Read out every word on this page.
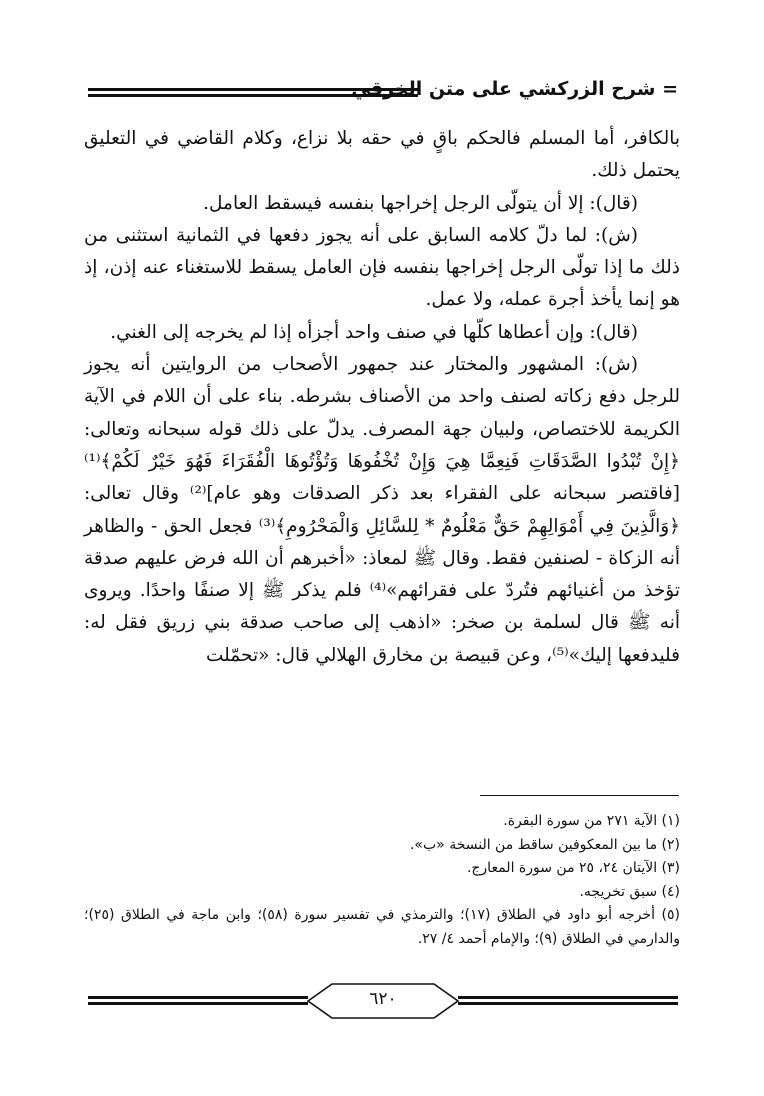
= شرح الزركشي على متن الخرقي

بالكافر، أما المسلم فالحكم باقٍ في حقه بلا نزاع، وكلام القاضي في التعليق يحتمل ذلك.

(قال): إلا أن يتولّى الرجل إخراجها بنفسه فيسقط العامل.

(ش): لما دلّ كلامه السابق على أنه يجوز دفعها في الثمانية استثنى من ذلك ما إذا تولّى الرجل إخراجها بنفسه فإن العامل يسقط للاستغناء عنه إذن، إذ هو إنما يأخذ أجرة عمله، ولا عمل.

(قال): وإن أعطاها كلّها في صنف واحد أجزأه إذا لم يخرجه إلى الغني.

(ش): المشهور والمختار عند جمهور الأصحاب من الروايتين أنه يجوز للرجل دفع زكاته لصنف واحد من الأصناف بشرطه. بناء على أن اللام في الآية الكريمة للاختصاص، ولبيان جهة المصرف. يدلّ على ذلك قوله سبحانه وتعالى: ﴿إِنْ تُبْدُوا الصَّدَقَاتِ فَنِعِمَّا هِيَ وَإِنْ تُخْفُوهَا وَتُؤْتُوهَا الْفُقَرَاءَ فَهُوَ خَيْرٌ لَكُمْ﴾⁽¹⁾ [فاقتصر سبحانه على الفقراء بعد ذكر الصدقات وهو عام]⁽²⁾ وقال تعالى: ﴿وَالَّذِينَ فِي أَمْوَالِهِمْ حَقٌّ مَعْلُومٌ * لِلسَّائِلِ وَالْمَحْرُومِ﴾⁽³⁾ فجعل الحق - والظاهر أنه الزكاة - لصنفين فقط. وقال ﷺ لمعاذ: «أخبرهم أن الله فرض عليهم صدقة تؤخذ من أغنيائهم فتُردّ على فقرائهم»⁽⁴⁾ فلم يذكر ﷺ إلا صنفًا واحدًا. ويروى أنه ﷺ قال لسلمة بن صخر: «اذهب إلى صاحب صدقة بني زريق فقل له: فليدفعها إليك»⁽⁵⁾، وعن قبيصة بن مخارق الهلالي قال: «تحمّلت

(١) الآية ٢٧١ من سورة البقرة.
(٢) ما بين المعكوفين ساقط من النسخة «ب».
(٣) الآيتان ٢٤، ٢٥ من سورة المعارج.
(٤) سبق تخريجه.
(٥) أخرجه أبو داود في الطلاق (١٧)؛ والترمذي في تفسير سورة (٥٨)؛ وابن ماجة في الطلاق (٢٥)؛ والدارمي في الطلاق (٩)؛ والإمام أحمد ٤/ ٢٧.
٦٢٠
